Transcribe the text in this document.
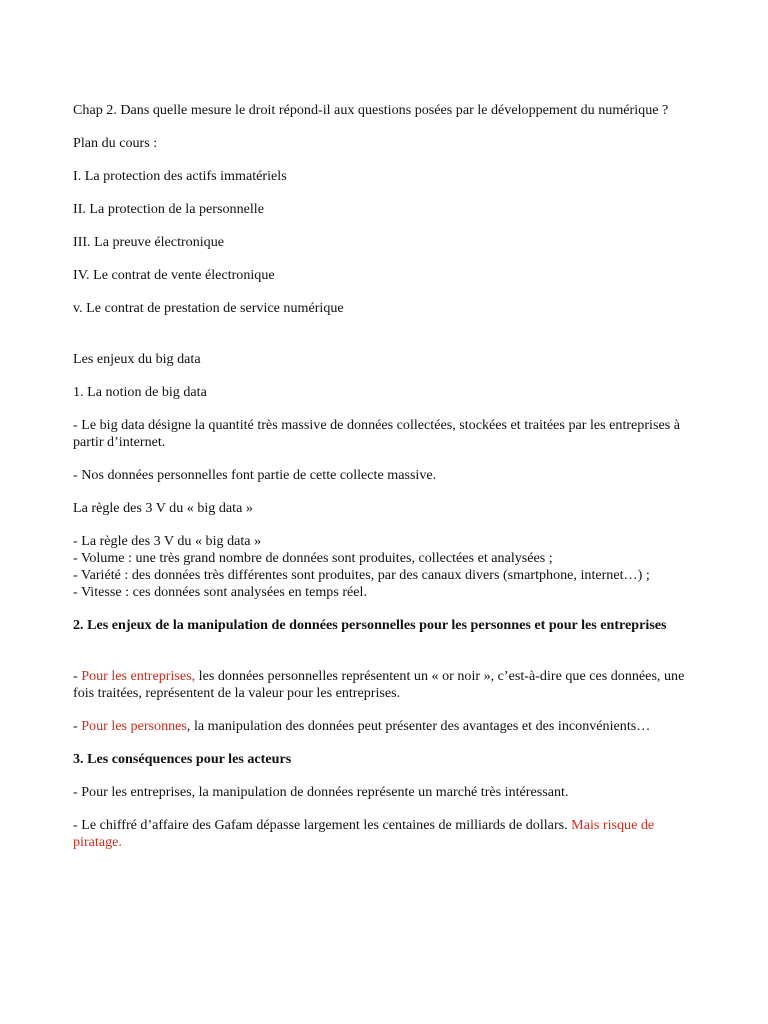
Chap 2. Dans quelle mesure le droit répond-il aux questions posées par le développement du numérique ?

Plan du cours :

I. La protection des actifs immatériels

II. La protection de la personnelle

III. La preuve électronique

IV. Le contrat de vente électronique

v. Le contrat de prestation de service numérique

Les enjeux du big data

1. La notion de big data

- Le big data désigne la quantité très massive de données collectées, stockées et traitées par les entreprises à partir d’internet.

- Nos données personnelles font partie de cette collecte massive.

La règle des 3 V du « big data »

- La règle des 3 V du « big data »

- Volume : une très grand nombre de données sont produites, collectées et analysées ;

- Variété : des données très différentes sont produites, par des canaux divers (smartphone, internet…) ;

- Vitesse : ces données sont analysées en temps réel.

2. Les enjeux de la manipulation de données personnelles pour les personnes et pour les entreprises

- Pour les entreprises, les données personnelles représentent un « or noir », c’est-à-dire que ces données, une fois traitées, représentent de la valeur pour les entreprises.

- Pour les personnes, la manipulation des données peut présenter des avantages et des inconvénients…

3. Les conséquences pour les acteurs

- Pour les entreprises, la manipulation de données représente un marché très intéressant.

- Le chiffré d’affaire des Gafam dépasse largement les centaines de milliards de dollars. Mais risque de piratage.
